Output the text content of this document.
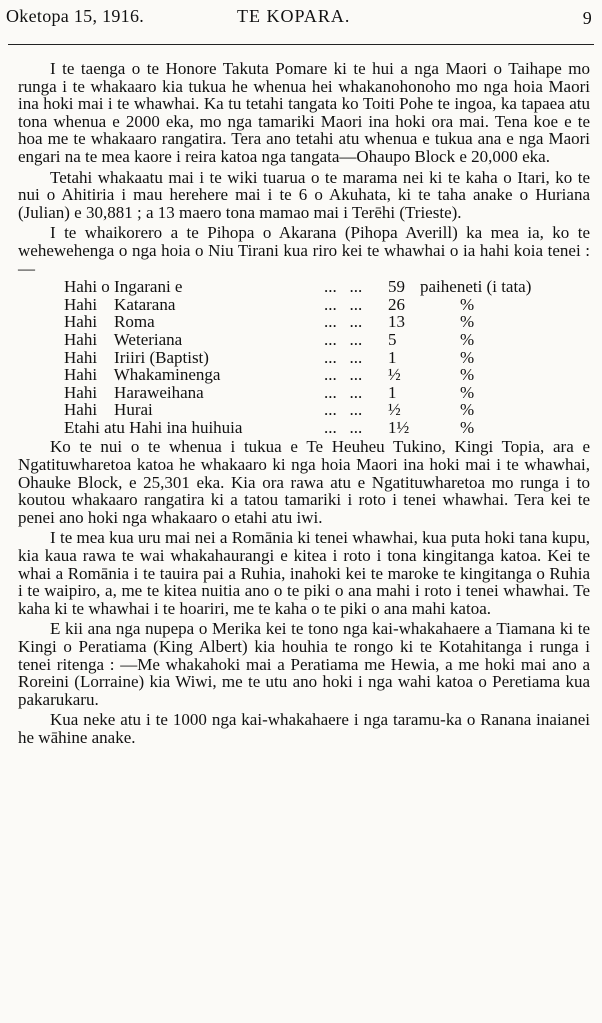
Oketopa 15, 1916.	TE KOPARA.	9

I te taenga o te Honore Takuta Pomare ki te hui a nga Maori o Taihape mo runga i te whakaaro kia tukua he whenua hei whakanohonoho mo nga hoia Maori ina hoki mai i te whawhai. Ka tu tetahi tangata ko Toiti Pohe te ingoa, ka tapaea atu tona whenua e 2000 eka, mo nga tamariki Maori ina hoki ora mai. Tena koe e te hoa me te whakaaro rangatira. Tera ano tetahi atu whenua e tukua ana e nga Maori engari na te mea kaore i reira katoa nga tangata—Ohaupo Block e 20,000 eka.

Tetahi whakaatu mai i te wiki tuarua o te marama nei ki te kaha o Itari, ko te nui o Ahitiria i mau herehere mai i te 6 o Akuhata, ki te taha anake o Huriana (Julian) e 30,881 ; a 13 maero tona mamao mai i Terēhi (Trieste).

I te whaikorero a te Pihopa o Akarana (Pihopa Averill) ka mea ia, ko te wehewehenga o nga hoia o Niu Tirani kua riro kei te whawhai o ia hahi koia tenei :—

Hahi o Ingarani e	...   ...	59	paiheneti (i tata)
Hahi    Katarana	...   ...	26	%
Hahi    Roma	...   ...	13	%
Hahi    Weteriana	...   ...	5	%
Hahi    Iriiri (Baptist)	...   ...	1	%
Hahi    Whakaminenga	...   ...	½	%
Hahi    Haraweihana	...   ...	1	%
Hahi    Hurai	...   ...	½	%
Etahi atu Hahi ina huihuia	...   ...	1½	%

Ko te nui o te whenua i tukua e Te Heuheu Tukino, Kingi Topia, ara e Ngatituwharetoa katoa he whakaaro ki nga hoia Maori ina hoki mai i te whawhai, Ohauke Block, e 25,301 eka. Kia ora rawa atu e Ngatituwharetoa mo runga i to koutou whakaaro rangatira ki a tatou tamariki i roto i tenei whawhai. Tera kei te penei ano hoki nga whakaaro o etahi atu iwi.

I te mea kua uru mai nei a Romānia ki tenei whawhai, kua puta hoki tana kupu, kia kaua rawa te wai whakahaurangi e kitea i roto i tona kingitanga katoa. Kei te whai a Romānia i te tauira pai a Ruhia, inahoki kei te maroke te kingitanga o Ruhia i te waipiro, a, me te kitea nuitia ano o te piki o ana mahi i roto i tenei whawhai. Te kaha ki te whawhai i te hoariri, me te kaha o te piki o ana mahi katoa.

E kii ana nga nupepa o Merika kei te tono nga kai-whakahaere a Tiamana ki te Kingi o Peratiama (King Albert) kia houhia te rongo ki te Kotahitanga i runga i tenei ritenga : —Me whakahoki mai a Peratiama me Hewia, a me hoki mai ano a Roreini (Lorraine) kia Wiwi, me te utu ano hoki i nga wahi katoa o Peretiama kua pakarukaru.

Kua neke atu i te 1000 nga kai-whakahaere i nga taramu-ka o Ranana inaianei he wāhine anake.
